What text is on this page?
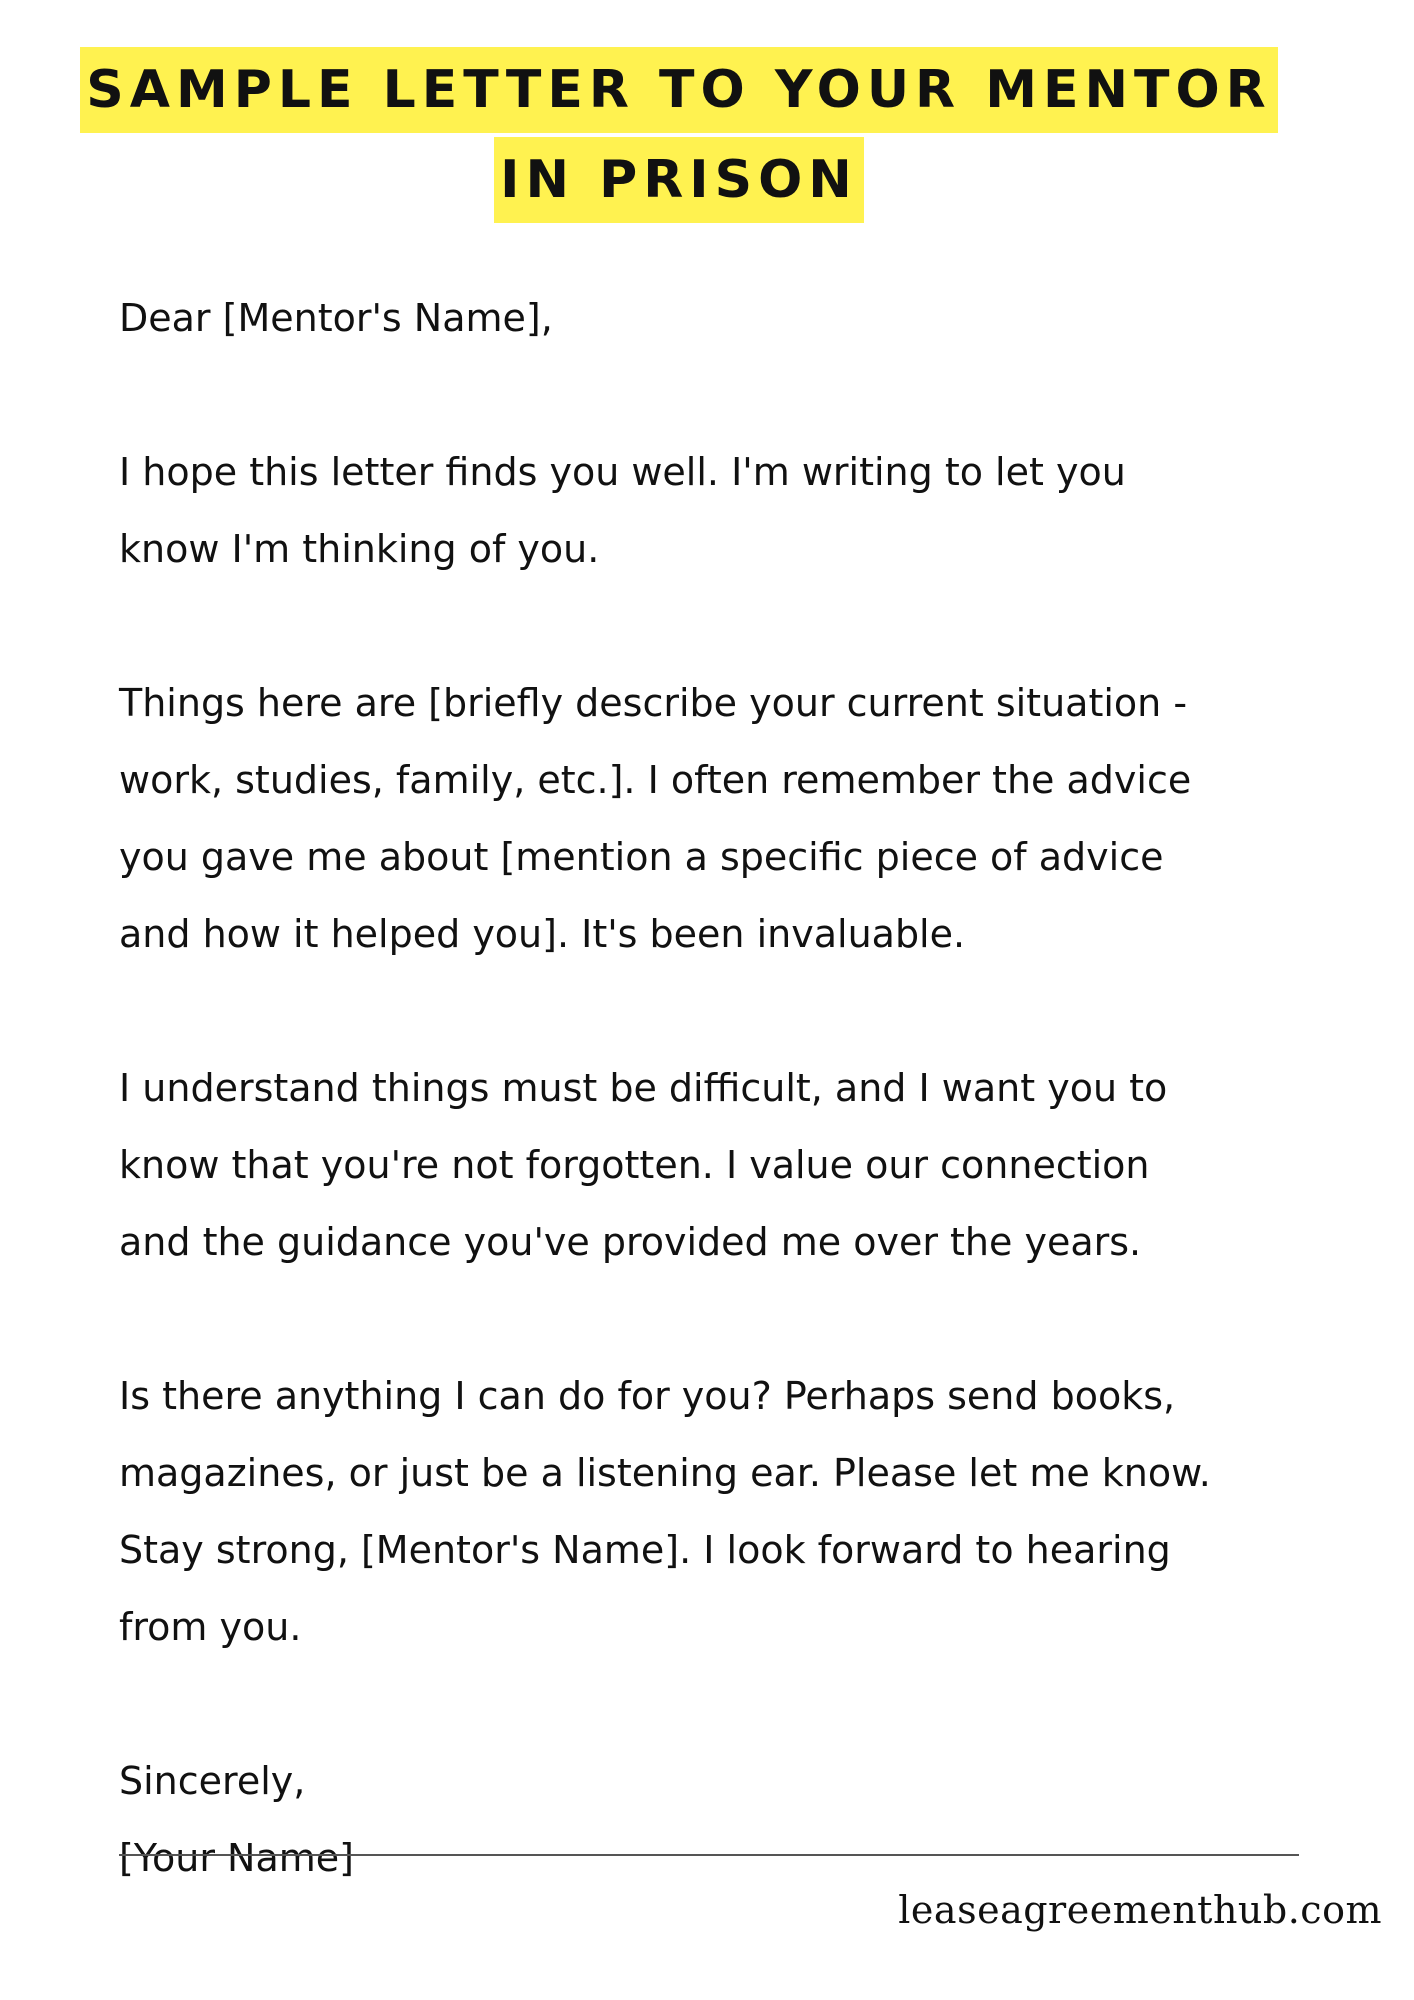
SAMPLE LETTER TO YOUR MENTOR
IN PRISON

Dear [Mentor's Name],

I hope this letter finds you well. I'm writing to let you
know I'm thinking of you.

Things here are [briefly describe your current situation -
work, studies, family, etc.]. I often remember the advice
you gave me about [mention a specific piece of advice
and how it helped you]. It's been invaluable.

I understand things must be difficult, and I want you to
know that you're not forgotten. I value our connection
and the guidance you've provided me over the years.

Is there anything I can do for you? Perhaps send books,
magazines, or just be a listening ear. Please let me know.
Stay strong, [Mentor's Name]. I look forward to hearing
from you.

Sincerely,
[Your Name]

leaseagreementhub.com
